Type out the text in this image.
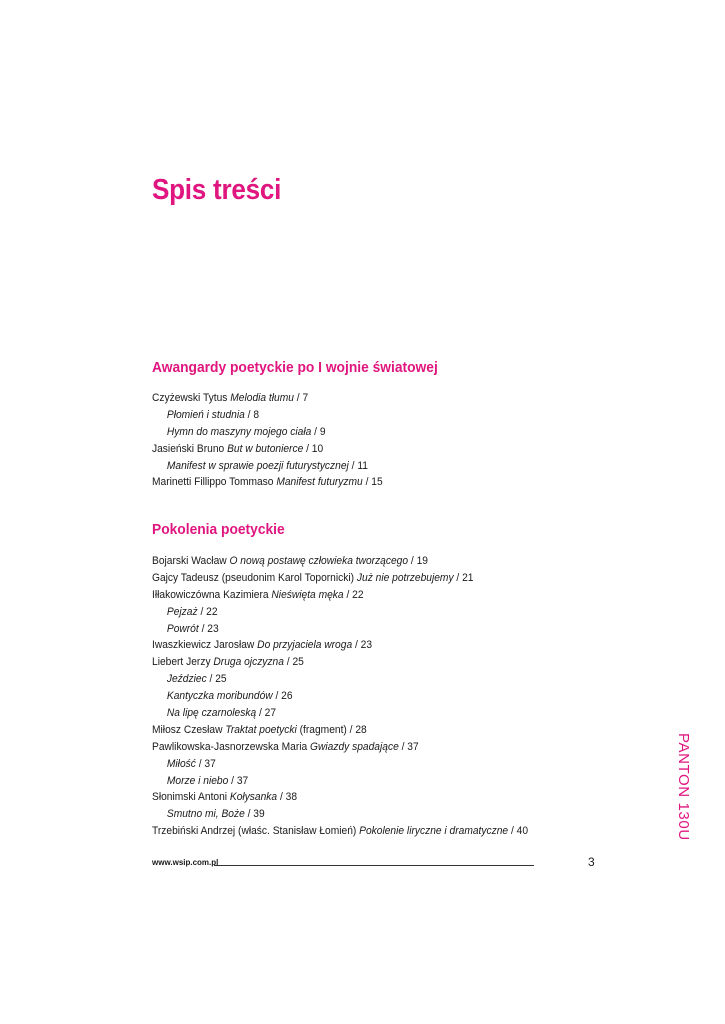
Spis treści
Awangardy poetyckie po I wojnie światowej
Czyżewski Tytus Melodia tłumu / 7
Płomień i studnia / 8
Hymn do maszyny mojego ciała / 9
Jasieński Bruno But w butonierce / 10
Manifest w sprawie poezji futurystycznej / 11
Marinetti Fillippo Tommaso Manifest futuryzmu / 15
Pokolenia poetyckie
Bojarski Wacław O nową postawę człowieka tworzącego / 19
Gajcy Tadeusz (pseudonim Karol Topornicki) Już nie potrzebujemy / 21
Iłłakowiczówna Kazimiera Nieświęta męka / 22
Pejzaż / 22
Powrót / 23
Iwaszkiewicz Jarosław Do przyjaciela wroga / 23
Liebert Jerzy Druga ojczyzna / 25
Jeździec / 25
Kantyczka moribundów / 26
Na lipę czarnoleską / 27
Miłosz Czesław Traktat poetycki (fragment) / 28
Pawlikowska-Jasnorzewska Maria Gwiazdy spadające / 37
Miłość / 37
Morze i niebo / 37
Słonimski Antoni Kołysanka / 38
Smutno mi, Boże / 39
Trzebiński Andrzej (właśc. Stanisław Łomień) Pokolenie liryczne i dramatyczne / 40
www.wsip.com.pl	3
PANTON 130U
